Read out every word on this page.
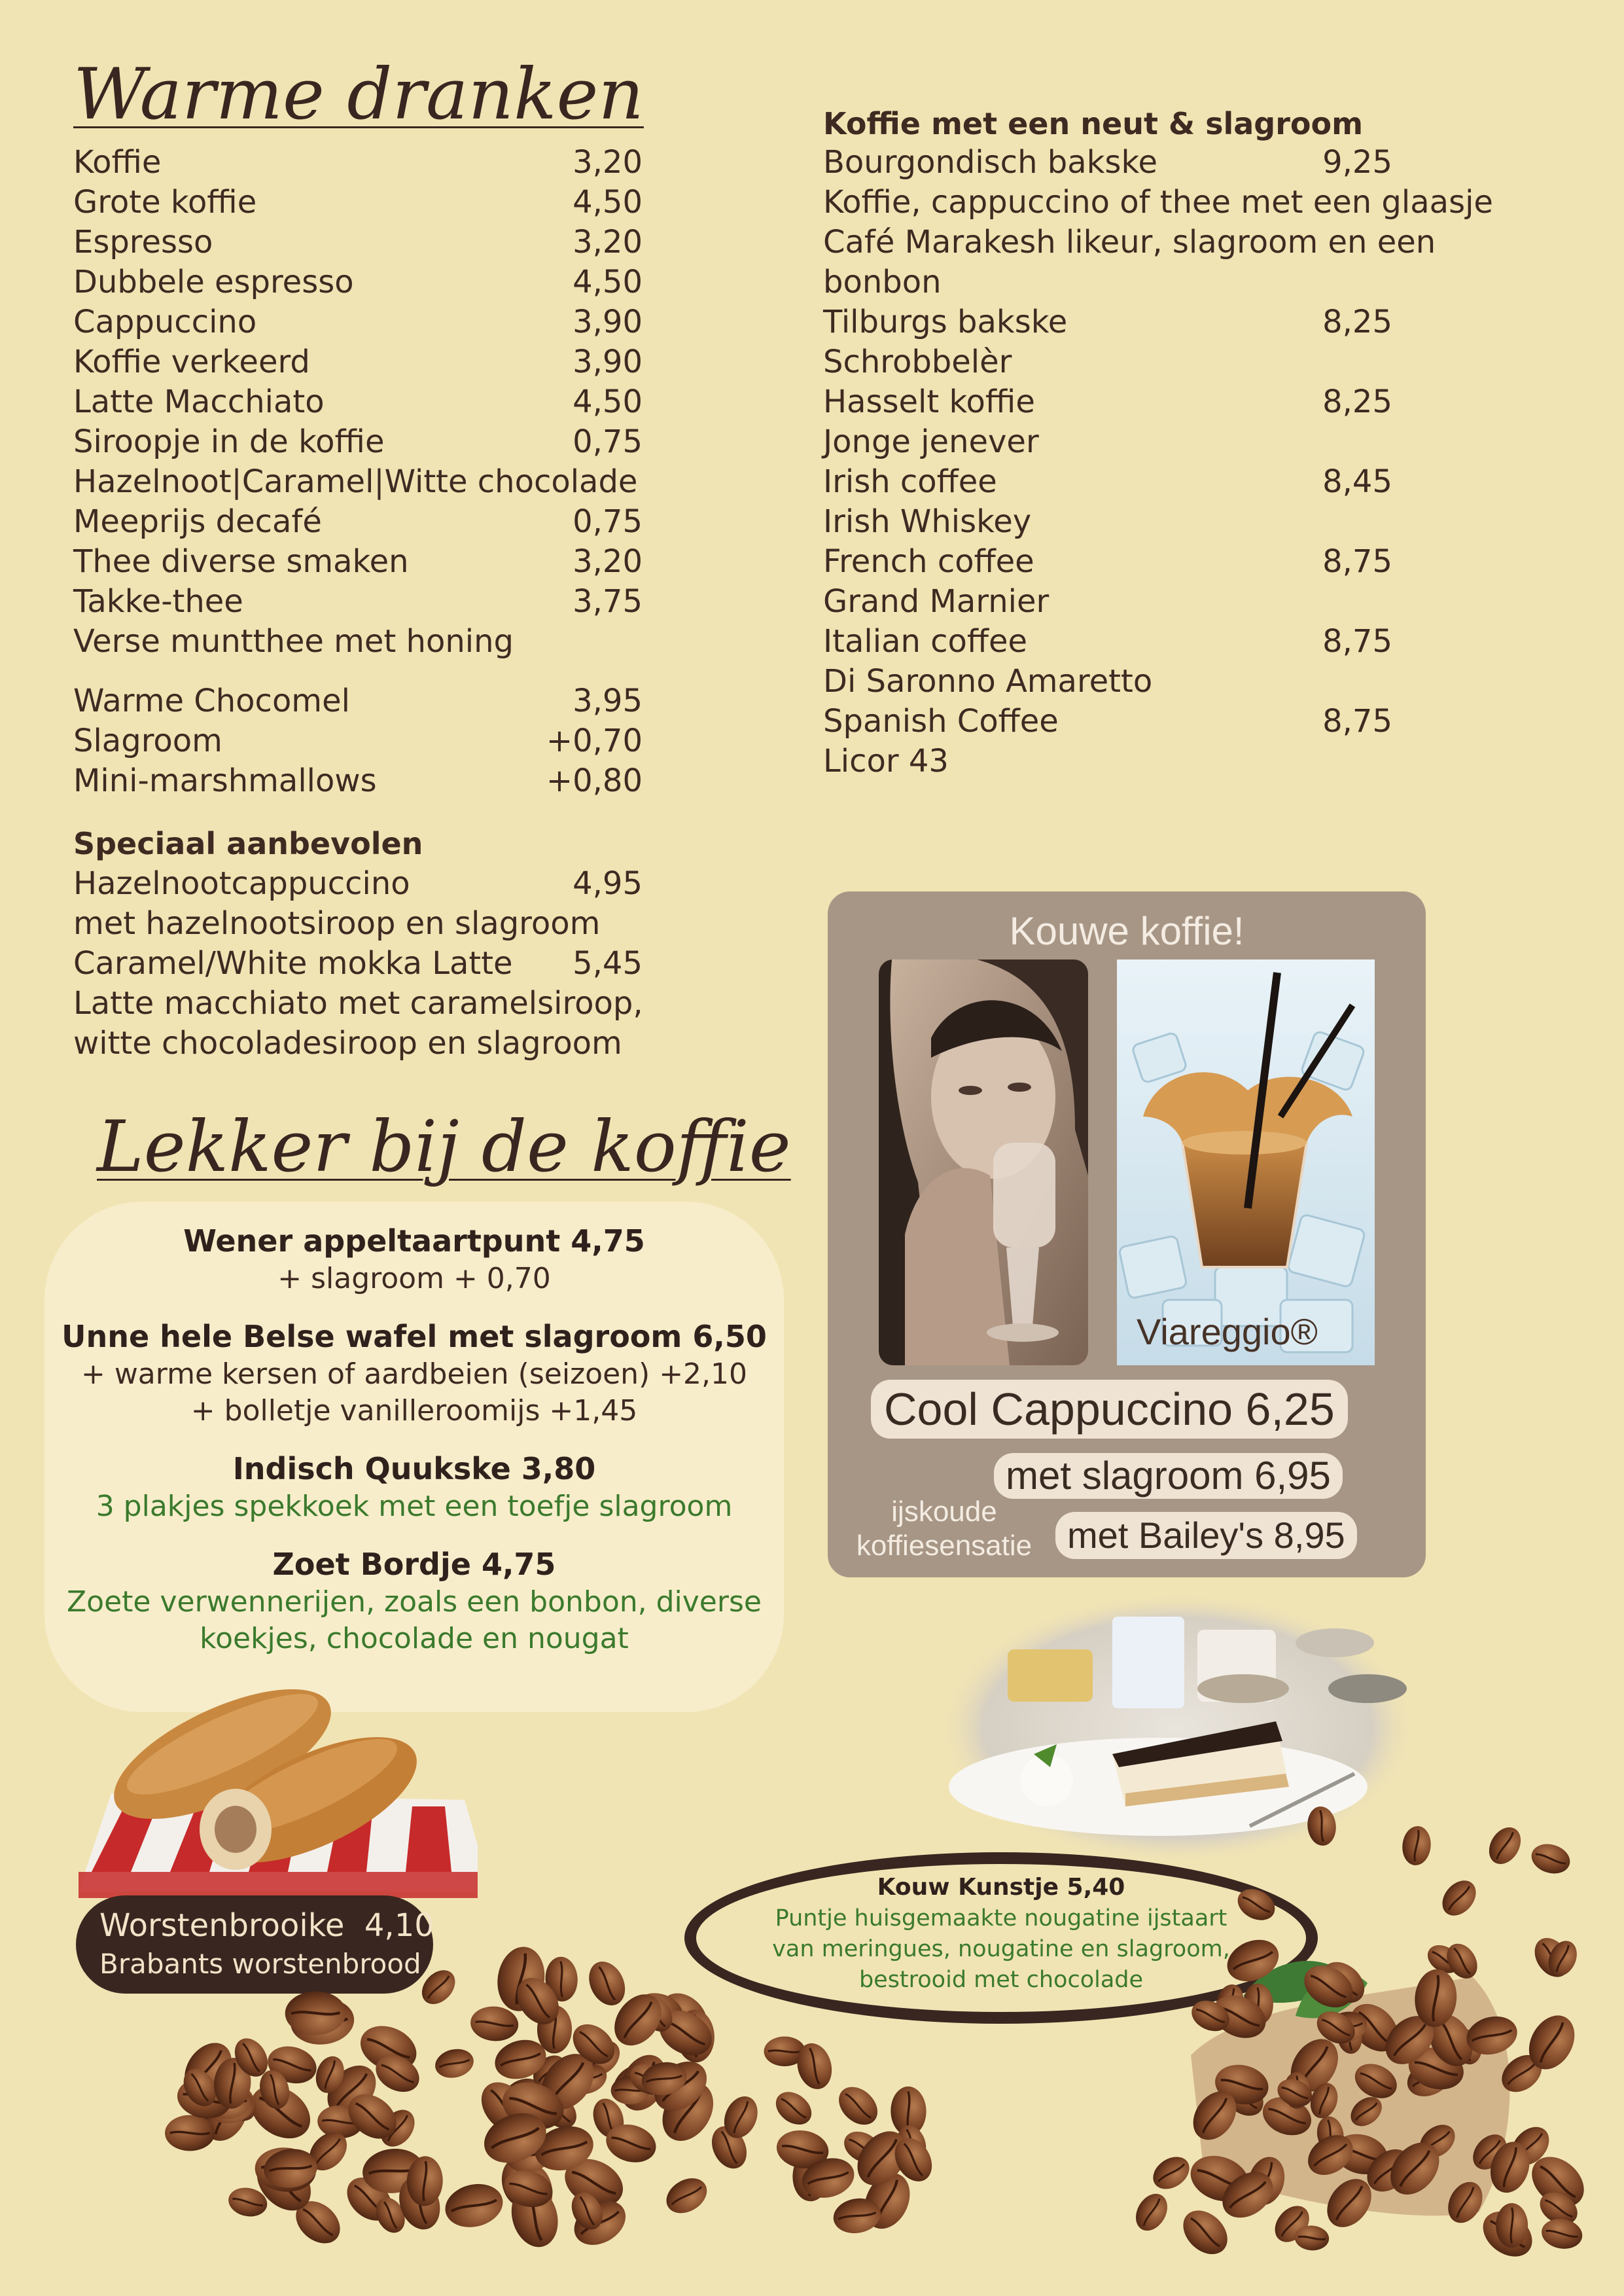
Warme dranken
Koffie	3,20
Grote koffie	4,50
Espresso	3,20
Dubbele espresso	4,50
Cappuccino	3,90
Koffie verkeerd	3,90
Latte Macchiato	4,50
Siroopje in de koffie	0,75
Hazelnoot|Caramel|Witte chocolade
Meeprijs decafé	0,75
Thee diverse smaken	3,20
Takke-thee	3,75
Verse muntthee met honing
Warme Chocomel	3,95
Slagroom	+0,70
Mini-marshmallows	+0,80
Speciaal aanbevolen
Hazelnootcappuccino	4,95
met hazelnootsiroop en slagroom
Caramel/White mokka Latte 5,45
Latte macchiato met caramelsiroop,
witte chocoladesiroop en slagroom
Koffie met een neut & slagroom
Bourgondisch bakske	9,25
Koffie, cappuccino of thee met een glaasje
Café Marakesh likeur, slagroom en een
bonbon
Tilburgs bakske	8,25
Schrobbelèr
Hasselt koffie	8,25
Jonge jenever
Irish coffee	8,45
Irish Whiskey
French coffee	8,75
Grand Marnier
Italian coffee	8,75
Di Saronno Amaretto
Spanish Coffee	8,75
Licor 43
Kouwe koffie!
Viareggio®
Cool Cappuccino 6,25
met slagroom 6,95
ijskoude
koffiesensatie met Bailey's 8,95
Lekker bij de koffie
Wener appeltaartpunt 4,75
+ slagroom + 0,70
Unne hele Belse wafel met slagroom 6,50
+ warme kersen of aardbeien (seizoen) +2,10
+ bolletje vanilleroomijs +1,45
Indisch Quukske 3,80
3 plakjes spekkoek met een toefje slagroom
Zoet Bordje 4,75
Zoete verwennerijen, zoals een bonbon, diverse
koekjes, chocolade en nougat
Worstenbrooike 4,10
Brabants worstenbrood
Kouw Kunstje 5,40
Puntje huisgemaakte nougatine ijstaart
van meringues, nougatine en slagroom,
bestrooid met chocolade
